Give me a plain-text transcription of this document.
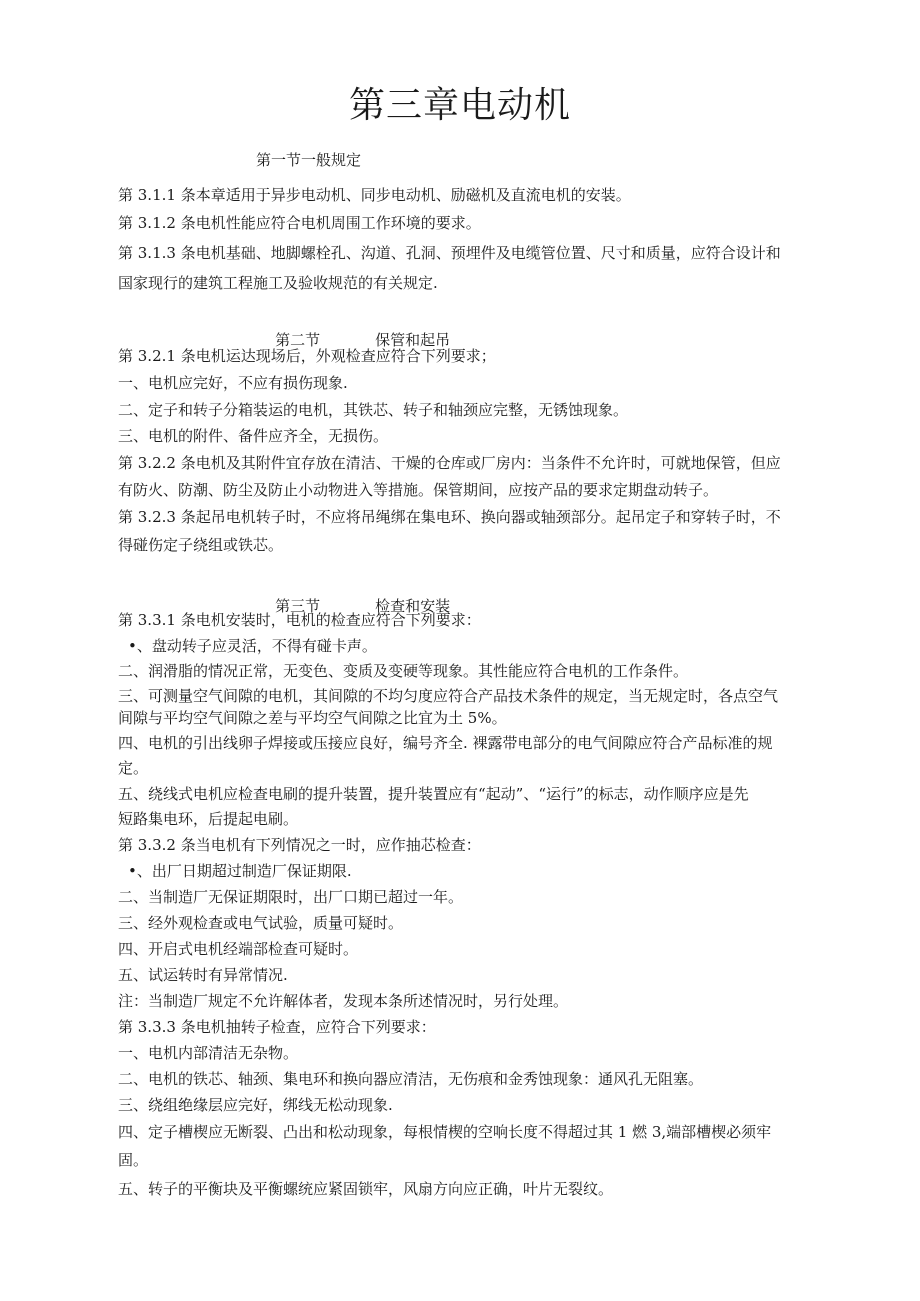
第三章电动机
第一节一般规定

第二节	保管和起吊

第三节	检查和安装

第 3.1.1 条本章适用于异步电动机、同步电动机、励磁机及直流电机的安装。
第 3.1.2 条电机性能应符合电机周围工作环境的要求。
第 3.1.3 条电机基础、地脚螺栓孔、沟道、孔洞、预埋件及电缆管位置、尺寸和质量，应符合设计和
国家现行的建筑工程施工及验收规范的有关规定.
第 3.2.1 条电机运达现场后，外观检查应符合下列要求；
一、电机应完好，不应有损伤现象.
二、定子和转子分箱装运的电机，其铁芯、转子和轴颈应完整，无锈蚀现象。
三、电机的附件、备件应齐全，无损伤。
第 3.2.2 条电机及其附件宜存放在清洁、干燥的仓库或厂房内：当条件不允许时，可就地保管，但应
有防火、防潮、防尘及防止小动物进入等措施。保管期间，应按产品的要求定期盘动转子。
第 3.2.3 条起吊电机转子时，不应将吊绳绑在集电环、换向器或轴颈部分。起吊定子和穿转子时，不
得碰伤定子绕组或铁芯。
第 3.3.1 条电机安装时，电机的检查应符合下列要求：
•、盘动转子应灵活，不得有碰卡声。
二、润滑脂的情况正常，无变色、变质及变硬等现象。其性能应符合电机的工作条件。
三、可测量空气间隙的电机，其间隙的不均匀度应符合产品技术条件的规定，当无规定时，各点空气
间隙与平均空气间隙之差与平均空气间隙之比宜为土 5%。
四、电机的引出线卵子焊接或压接应良好，编号齐全. 裸露带电部分的电气间隙应符合产品标准的规
定。
五、绕线式电机应检查电刷的提升装置，提升装置应有“起动”、“运行”的标志，动作顺序应是先
短路集电环，后提起电刷。
第 3.3.2 条当电机有下列情况之一时，应作抽芯检查：
•、出厂日期超过制造厂保证期限.
二、当制造厂无保证期限时，出厂口期已超过一年。
三、经外观检查或电气试验，质量可疑时。
四、开启式电机经端部检查可疑时。
五、试运转时有异常情况.
注：当制造厂规定不允许解体者，发现本条所述情况时，另行处理。
第 3.3.3 条电机抽转子检查，应符合下列要求：
一、电机内部清洁无杂物。
二、电机的铁芯、轴颈、集电环和换向器应清洁，无伤痕和金秀蚀现象：通风孔无阻塞。
三、绕组绝缘层应完好，绑线无松动现象.
四、定子槽楔应无断裂、凸出和松动现象，每根情楔的空响长度不得超过其 1 燃 3,端部槽楔必须牢
固。
五、转子的平衡块及平衡螺统应紧固锁牢，风扇方向应正确，叶片无裂纹。
